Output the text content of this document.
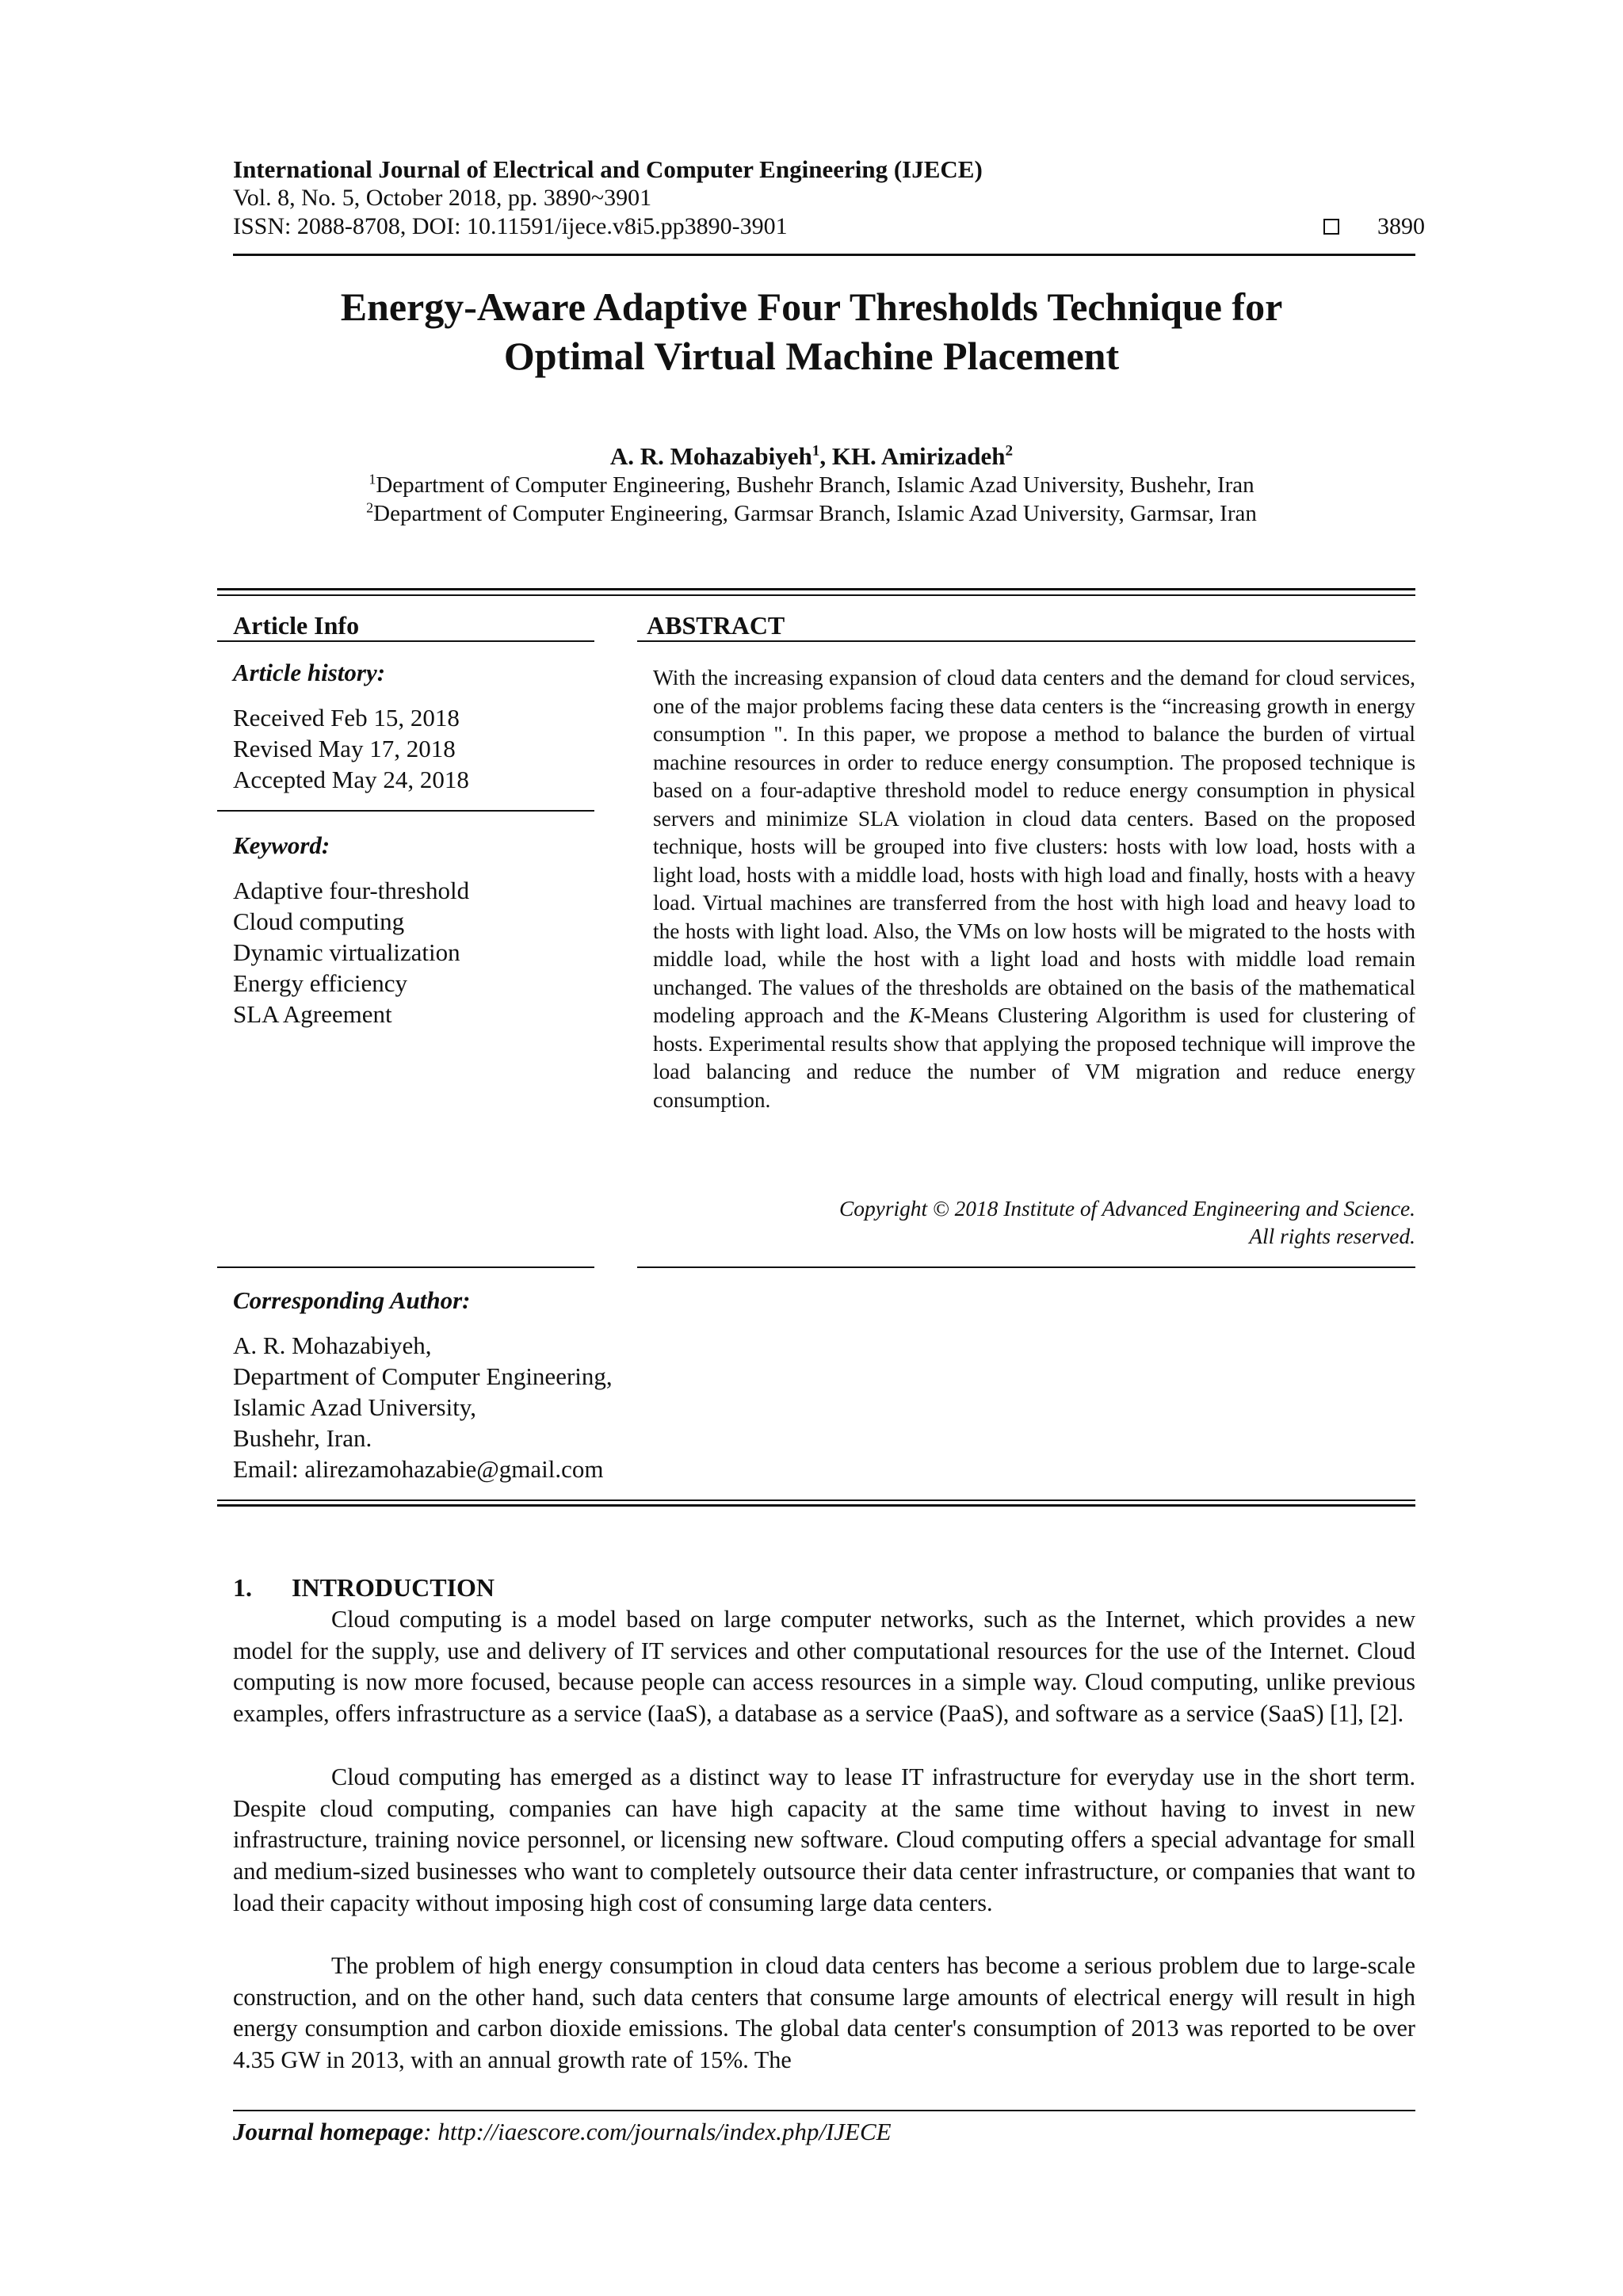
International Journal of Electrical and Computer Engineering (IJECE)
Vol. 8, No. 5, October 2018, pp. 3890~3901
ISSN: 2088-8708, DOI: 10.11591/ijece.v8i5.pp3890-3901	3890
Energy-Aware Adaptive Four Thresholds Technique for
Optimal Virtual Machine Placement
A. R. Mohazabiyeh$^1$, KH. Amirizadeh$^2$
$^1$Department of Computer Engineering, Bushehr Branch, Islamic Azad University, Bushehr, Iran
$^2$Department of Computer Engineering, Garmsar Branch, Islamic Azad University, Garmsar, Iran
Article Info
Article history:
Received Feb 15, 2018
Revised May 17, 2018
Accepted May 24, 2018
Keyword:
Adaptive four-threshold
Cloud computing
Dynamic virtualization
Energy efficiency
SLA Agreement
ABSTRACT
With the increasing expansion of cloud data centers and the demand for cloud services, one of the major problems facing these data centers is the “increasing growth in energy consumption ". In this paper, we propose a method to balance the burden of virtual machine resources in order to reduce energy consumption. The proposed technique is based on a four-adaptive threshold model to reduce energy consumption in physical servers and minimize SLA violation in cloud data centers. Based on the proposed technique, hosts will be grouped into five clusters: hosts with low load, hosts with a light load, hosts with a middle load, hosts with high load and finally, hosts with a heavy load. Virtual machines are transferred from the host with high load and heavy load to the hosts with light load. Also, the VMs on low hosts will be migrated to the hosts with middle load, while the host with a light load and hosts with middle load remain unchanged. The values of the thresholds are obtained on the basis of the mathematical modeling approach and the K-Means Clustering Algorithm is used for clustering of hosts. Experimental results show that applying the proposed technique will improve the load balancing and reduce the number of VM migration and reduce energy consumption.
Copyright © 2018 Institute of Advanced Engineering and Science.
All rights reserved.
Corresponding Author:
A. R. Mohazabiyeh,
Department of Computer Engineering,
Islamic Azad University,
Bushehr, Iran.
Email: alirezamohazabie@gmail.com
1. INTRODUCTION
Cloud computing is a model based on large computer networks, such as the Internet, which provides a new model for the supply, use and delivery of IT services and other computational resources for the use of the Internet. Cloud computing is now more focused, because people can access resources in a simple way. Cloud computing, unlike previous examples, offers infrastructure as a service (IaaS), a database as a service (PaaS), and software as a service (SaaS) [1], [2].
Cloud computing has emerged as a distinct way to lease IT infrastructure for everyday use in the short term. Despite cloud computing, companies can have high capacity at the same time without having to invest in new infrastructure, training novice personnel, or licensing new software. Cloud computing offers a special advantage for small and medium-sized businesses who want to completely outsource their data center infrastructure, or companies that want to load their capacity without imposing high cost of consuming large data centers.
The problem of high energy consumption in cloud data centers has become a serious problem due to large-scale construction, and on the other hand, such data centers that consume large amounts of electrical energy will result in high energy consumption and carbon dioxide emissions. The global data center's consumption of 2013 was reported to be over 4.35 GW in 2013, with an annual growth rate of 15%. The
Journal homepage: http://iaescore.com/journals/index.php/IJECE
